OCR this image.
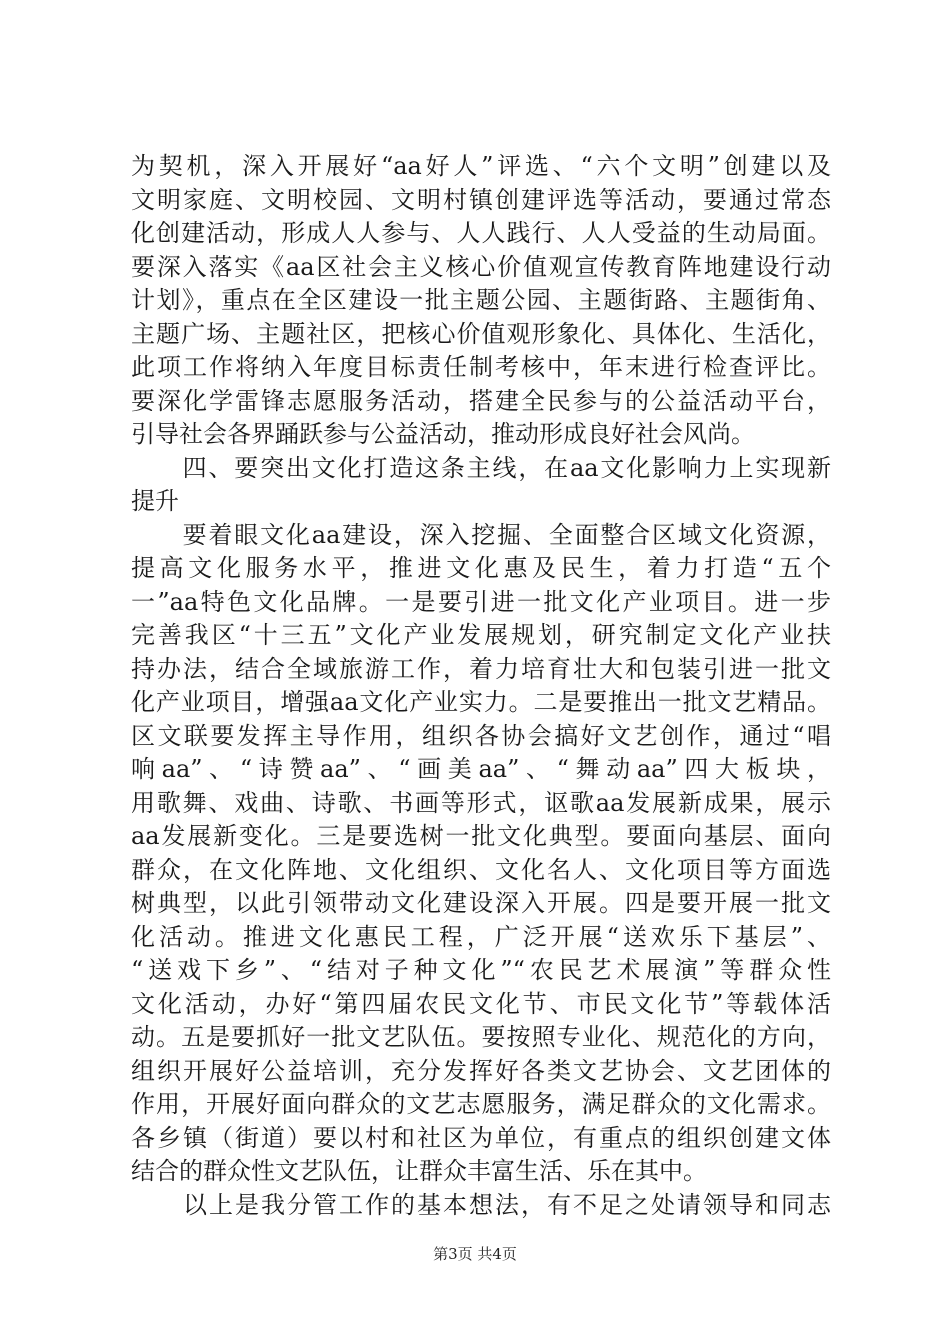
为契机，深入开展好“aa好人”评选、“六个文明”创建以及
文明家庭、文明校园、文明村镇创建评选等活动，要通过常态
化创建活动，形成人人参与、人人践行、人人受益的生动局面。
要深入落实《aa区社会主义核心价值观宣传教育阵地建设行动
计划》，重点在全区建设一批主题公园、主题街路、主题街角、
主题广场、主题社区，把核心价值观形象化、具体化、生活化，
此项工作将纳入年度目标责任制考核中，年末进行检查评比。
要深化学雷锋志愿服务活动，搭建全民参与的公益活动平台，
引导社会各界踊跃参与公益活动，推动形成良好社会风尚。
　　四、要突出文化打造这条主线，在aa文化影响力上实现新
提升
　　要着眼文化aa建设，深入挖掘、全面整合区域文化资源，
提高文化服务水平，推进文化惠及民生，着力打造“五个
一”aa特色文化品牌。一是要引进一批文化产业项目。进一步
完善我区“十三五”文化产业发展规划，研究制定文化产业扶
持办法，结合全域旅游工作，着力培育壮大和包装引进一批文
化产业项目，增强aa文化产业实力。二是要推出一批文艺精品。
区文联要发挥主导作用，组织各协会搞好文艺创作，通过“唱
响aa”、“诗赞aa”、“画美aa”、“舞动aa”四大板块，
用歌舞、戏曲、诗歌、书画等形式，讴歌aa发展新成果，展示
aa发展新变化。三是要选树一批文化典型。要面向基层、面向
群众，在文化阵地、文化组织、文化名人、文化项目等方面选
树典型，以此引领带动文化建设深入开展。四是要开展一批文
化活动。推进文化惠民工程，广泛开展“送欢乐下基层”、
“送戏下乡”、“结对子种文化”“农民艺术展演”等群众性
文化活动，办好“第四届农民文化节、市民文化节”等载体活
动。五是要抓好一批文艺队伍。要按照专业化、规范化的方向，
组织开展好公益培训，充分发挥好各类文艺协会、文艺团体的
作用，开展好面向群众的文艺志愿服务，满足群众的文化需求。
各乡镇（街道）要以村和社区为单位，有重点的组织创建文体
结合的群众性文艺队伍，让群众丰富生活、乐在其中。
　　以上是我分管工作的基本想法，有不足之处请领导和同志
第3页 共4页
